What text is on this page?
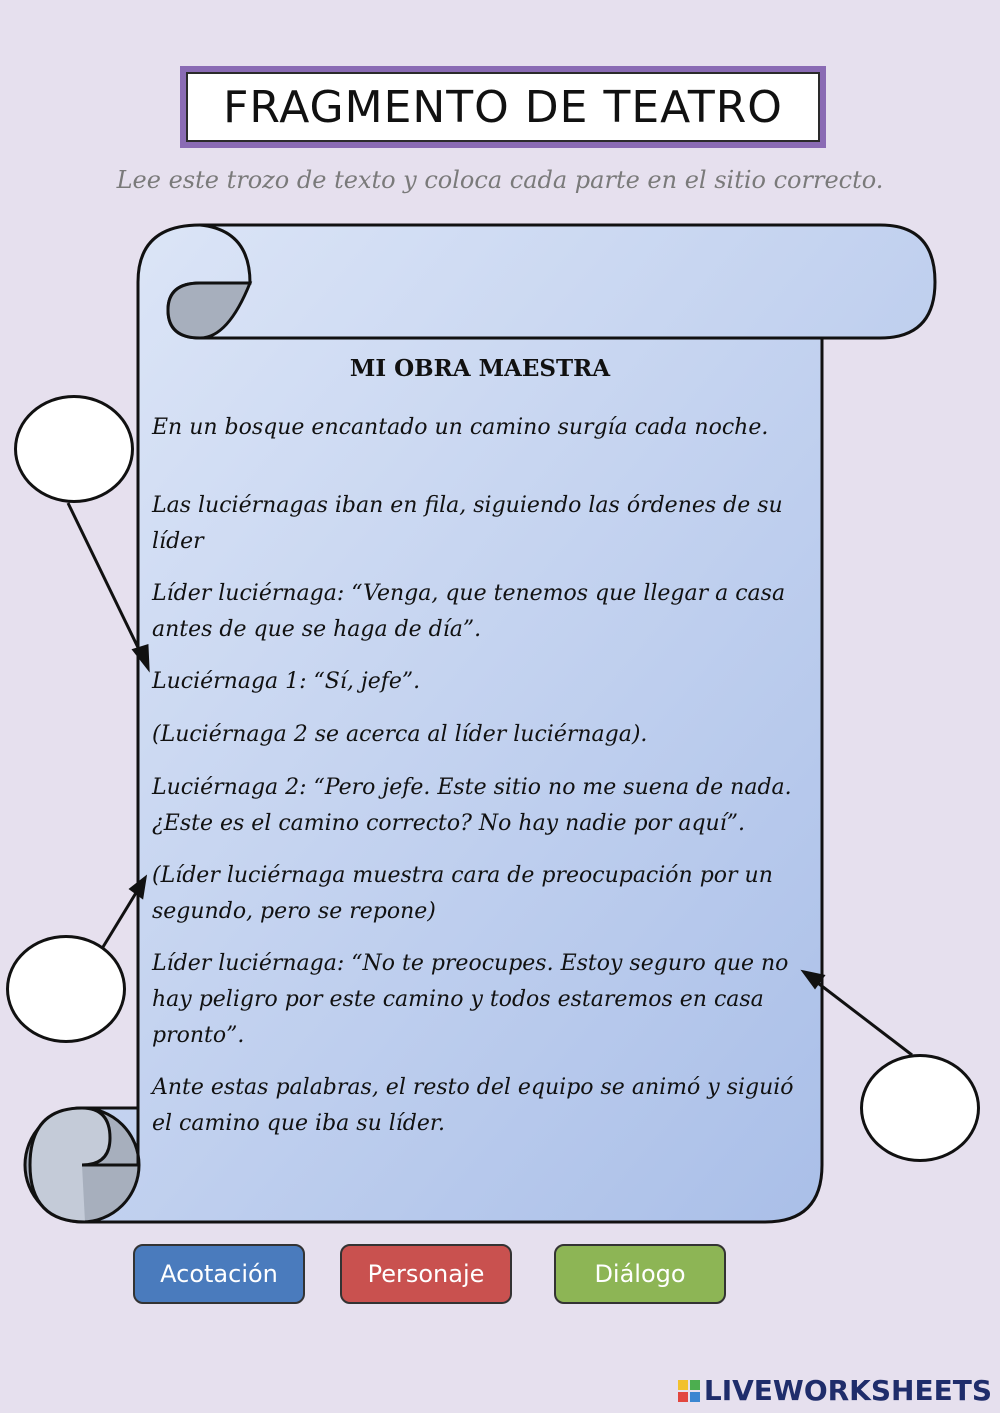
FRAGMENTO DE TEATRO
Lee este trozo de texto y coloca cada parte en el sitio correcto.
MI OBRA MAESTRA

En un bosque encantado un camino surgía cada noche.

Las luciérnagas iban en fila, siguiendo las órdenes de su líder

Líder luciérnaga: “Venga, que tenemos que llegar a casa antes de que se haga de día”.

Luciérnaga 1: “Sí, jefe”.

(Luciérnaga 2 se acerca al líder luciérnaga).

Luciérnaga 2: “Pero jefe. Este sitio no me suena de nada. ¿Este es el camino correcto? No hay nadie por aquí”.

(Líder luciérnaga muestra cara de preocupación por un segundo, pero se repone)

Líder luciérnaga: “No te preocupes. Estoy seguro que no hay peligro por este camino y todos estaremos en casa pronto”.

Ante estas palabras, el resto del equipo se animó y siguió el camino que iba su líder.

Acotación	Personaje	Diálogo
LIVEWORKSHEETS
